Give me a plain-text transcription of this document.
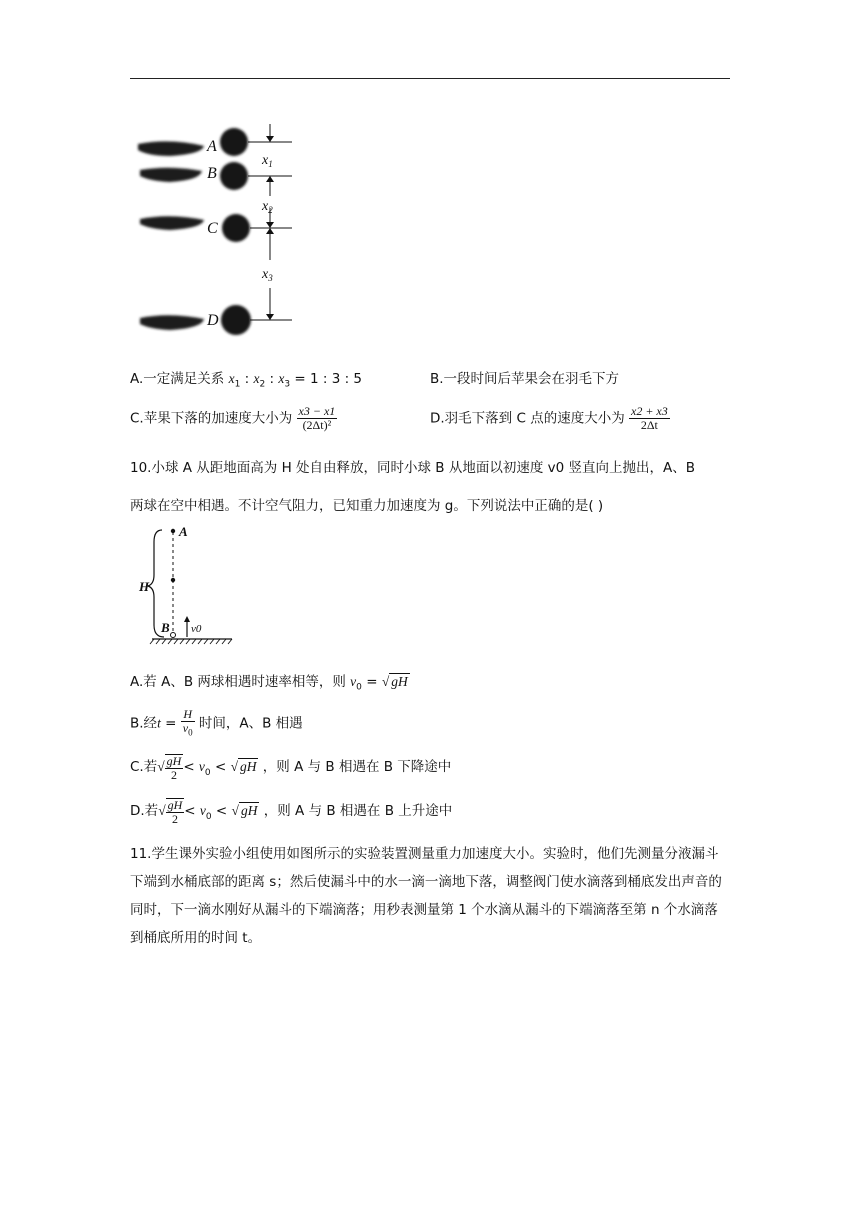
A
B
C
D
$x_1$
$x_2$
$x_3$
A.一定满足关系 $x_1$ : $x_2$ : $x_3 = 1$ : 3 : 5	B.一段时间后苹果会在羽毛下方
C.苹果下落的加速度大小为 $\frac{x3 - x1}{\text{(2Δt)²}}$	D.羽毛下落到 C 点的速度大小为 $\frac{x2 + x3}{2\Delta t}$
10.小球 A 从距地面高为 H 处自由释放，同时小球 B 从地面以初速度 v0 竖直向上抛出，A、B
两球在空中相遇。不计空气阻力，已知重力加速度为 g。下列说法中正确的是( )
A
H
B v0
A.若 A、B 两球相遇时速率相等，则 $v_0$ = √ gH
B.经$t = \frac{H}{v_0}$ 时间，A、B 相遇
C.若√ $\frac{gH}{2} < v_0$ < √ gH ，则 A 与 B 相遇在 B 下降途中
D.若√ $\frac{gH}{2} < v_0$ < √ gH ，则 A 与 B 相遇在 B 上升途中
11.学生课外实验小组使用如图所示的实验装置测量重力加速度大小。实验时，他们先测量分液漏斗下端到水桶底部的距离 s；然后使漏斗中的水一滴一滴地下落，调整阀门使水滴落到桶底发出声音的同时，下一滴水刚好从漏斗的下端滴落；用秒表测量第 1 个水滴从漏斗的下端滴落至第 n 个水滴落到桶底所用的时间 t。
